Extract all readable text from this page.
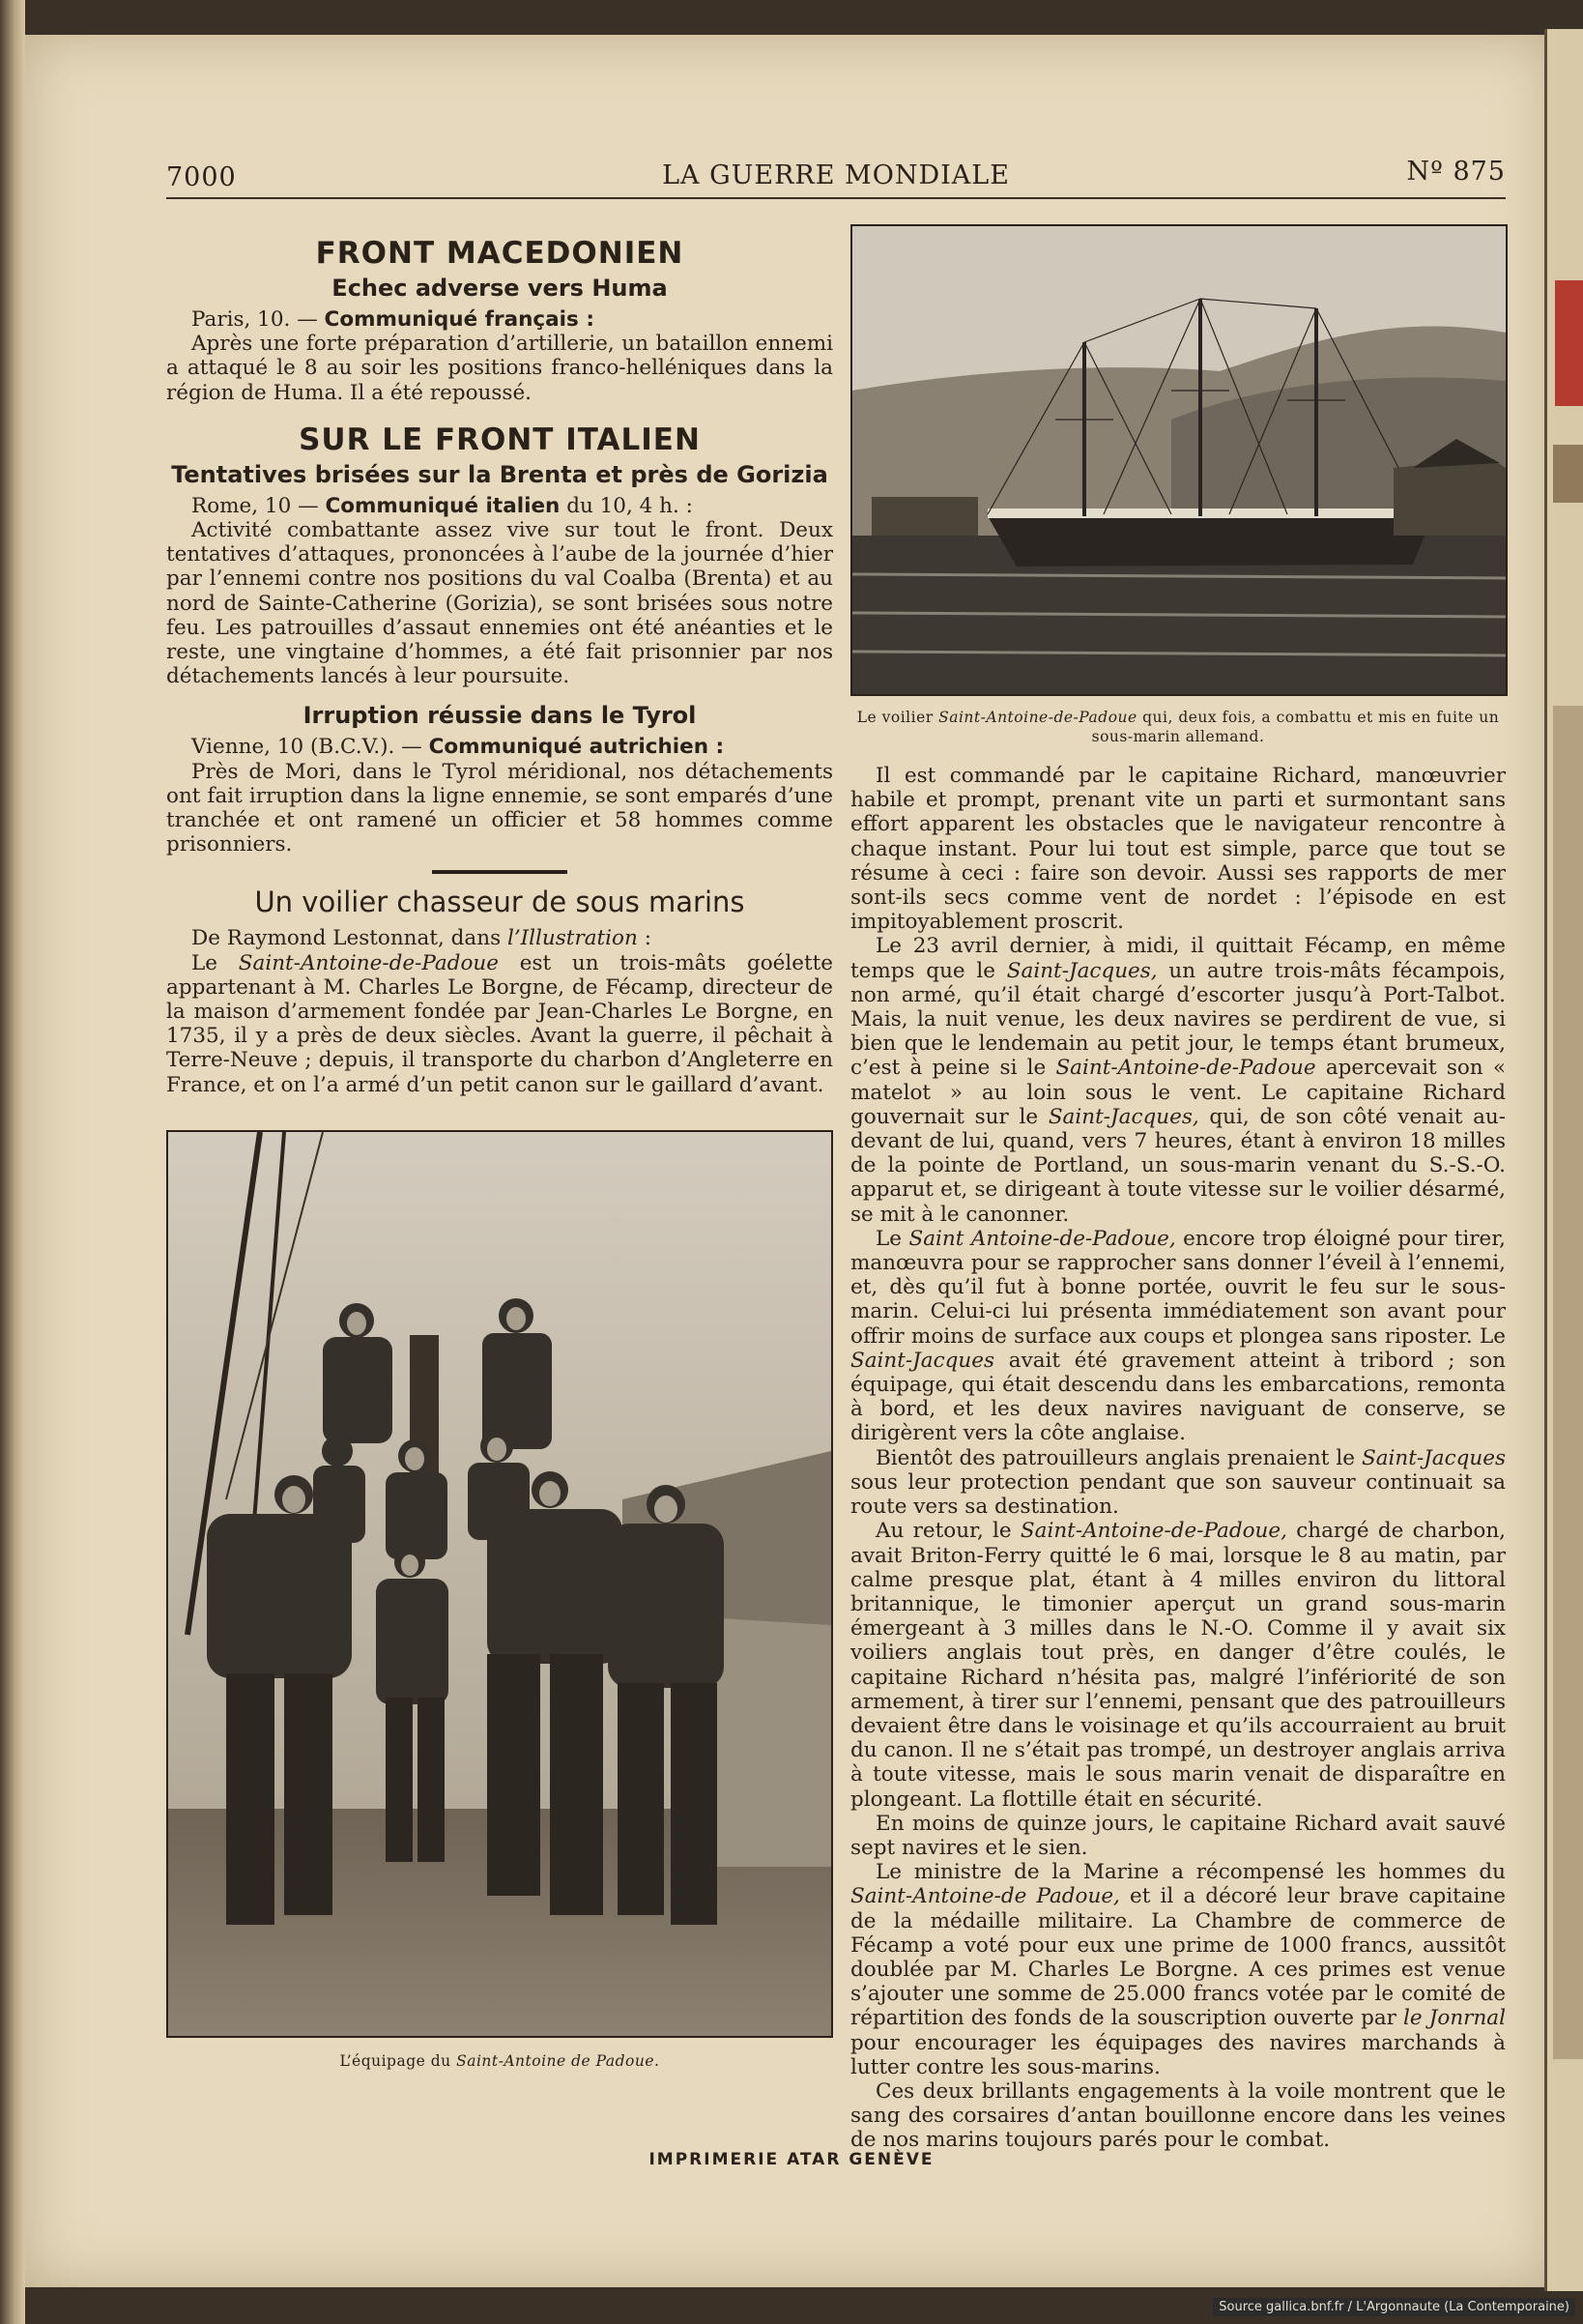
7000	LA GUERRE MONDIALE	Nº 875
FRONT MACEDONIEN
Echec adverse vers Huma

Paris, 10. — Communiqué français :

Après une forte préparation d’artillerie, un bataillon ennemi a attaqué le 8 au soir les positions franco-helléniques dans la région de Huma. Il a été repoussé.

SUR LE FRONT ITALIEN
Tentatives brisées sur la Brenta et près de Gorizia

Rome, 10 — Communiqué italien du 10, 4 h. :

Activité combattante assez vive sur tout le front. Deux tentatives d’attaques, prononcées à l’aube de la journée d’hier par l’ennemi contre nos positions du val Coalba (Brenta) et au nord de Sainte-Catherine (Gorizia), se sont brisées sous notre feu. Les patrouilles d’assaut ennemies ont été anéanties et le reste, une vingtaine d’hommes, a été fait prisonnier par nos détachements lancés à leur poursuite.

Irruption réussie dans le Tyrol

Vienne, 10 (B.C.V.). — Communiqué autrichien :

Près de Mori, dans le Tyrol méridional, nos détachements ont fait irruption dans la ligne ennemie, se sont emparés d’une tranchée et ont ramené un officier et 58 hommes comme prisonniers.

Un voilier chasseur de sous marins

De Raymond Lestonnat, dans l’Illustration :

Le Saint-Antoine-de-Padoue est un trois-mâts goélette appartenant à M. Charles Le Borgne, de Fécamp, directeur de la maison d’armement fondée par Jean-Charles Le Borgne, en 1735, il y a près de deux siècles. Avant la guerre, il pêchait à Terre-Neuve ; depuis, il transporte du charbon d’Angleterre en France, et on l’a armé d’un petit canon sur le gaillard d’avant.

L’équipage du Saint-Antoine de Padoue.
Le voilier Saint-Antoine-de-Padoue qui, deux fois, a combattu et mis en fuite un sous-marin allemand.

Il est commandé par le capitaine Richard, manœuvrier habile et prompt, prenant vite un parti et surmontant sans effort apparent les obstacles que le navigateur rencontre à chaque instant. Pour lui tout est simple, parce que tout se résume à ceci : faire son devoir. Aussi ses rapports de mer sont-ils secs comme vent de nordet : l’épisode en est impitoyablement proscrit.

Le 23 avril dernier, à midi, il quittait Fécamp, en même temps que le Saint-Jacques, un autre trois-mâts fécampois, non armé, qu’il était chargé d’escorter jusqu’à Port-Talbot. Mais, la nuit venue, les deux navires se perdirent de vue, si bien que le lendemain au petit jour, le temps étant brumeux, c’est à peine si le Saint-Antoine-de-Padoue apercevait son « matelot » au loin sous le vent. Le capitaine Richard gouvernait sur le Saint-Jacques, qui, de son côté venait au-devant de lui, quand, vers 7 heures, étant à environ 18 milles de la pointe de Portland, un sous-marin venant du S.-S.-O. apparut et, se dirigeant à toute vitesse sur le voilier désarmé, se mit à le canonner.

Le Saint Antoine-de-Padoue, encore trop éloigné pour tirer, manœuvra pour se rapprocher sans donner l’éveil à l’ennemi, et, dès qu’il fut à bonne portée, ouvrit le feu sur le sous-marin. Celui-ci lui présenta immédiatement son avant pour offrir moins de surface aux coups et plongea sans riposter. Le Saint-Jacques avait été gravement atteint à tribord ; son équipage, qui était descendu dans les embarcations, remonta à bord, et les deux navires naviguant de conserve, se dirigèrent vers la côte anglaise.

Bientôt des patrouilleurs anglais prenaient le Saint-Jacques sous leur protection pendant que son sauveur continuait sa route vers sa destination.

Au retour, le Saint-Antoine-de-Padoue, chargé de charbon, avait Briton-Ferry quitté le 6 mai, lorsque le 8 au matin, par calme presque plat, étant à 4 milles environ du littoral britannique, le timonier aperçut un grand sous-marin émergeant à 3 milles dans le N.-O. Comme il y avait six voiliers anglais tout près, en danger d’être coulés, le capitaine Richard n’hésita pas, malgré l’infériorité de son armement, à tirer sur l’ennemi, pensant que des patrouilleurs devaient être dans le voisinage et qu’ils accourraient au bruit du canon. Il ne s’était pas trompé, un destroyer anglais arriva à toute vitesse, mais le sous marin venait de disparaître en plongeant. La flottille était en sécurité.

En moins de quinze jours, le capitaine Richard avait sauvé sept navires et le sien.

Le ministre de la Marine a récompensé les hommes du Saint-Antoine-de Padoue, et il a décoré leur brave capitaine de la médaille militaire. La Chambre de commerce de Fécamp a voté pour eux une prime de 1000 francs, aussitôt doublée par M. Charles Le Borgne. A ces primes est venue s’ajouter une somme de 25.000 francs votée par le comité de répartition des fonds de la souscription ouverte par le Jonrnal pour encourager les équipages des navires marchands à lutter contre les sous-marins.

Ces deux brillants engagements à la voile montrent que le sang des corsaires d’antan bouillonne encore dans les veines de nos marins toujours parés pour le combat.

IMPRIMERIE ATAR GENÈVE
Source gallica.bnf.fr / L'Argonnaute (La Contemporaine)
